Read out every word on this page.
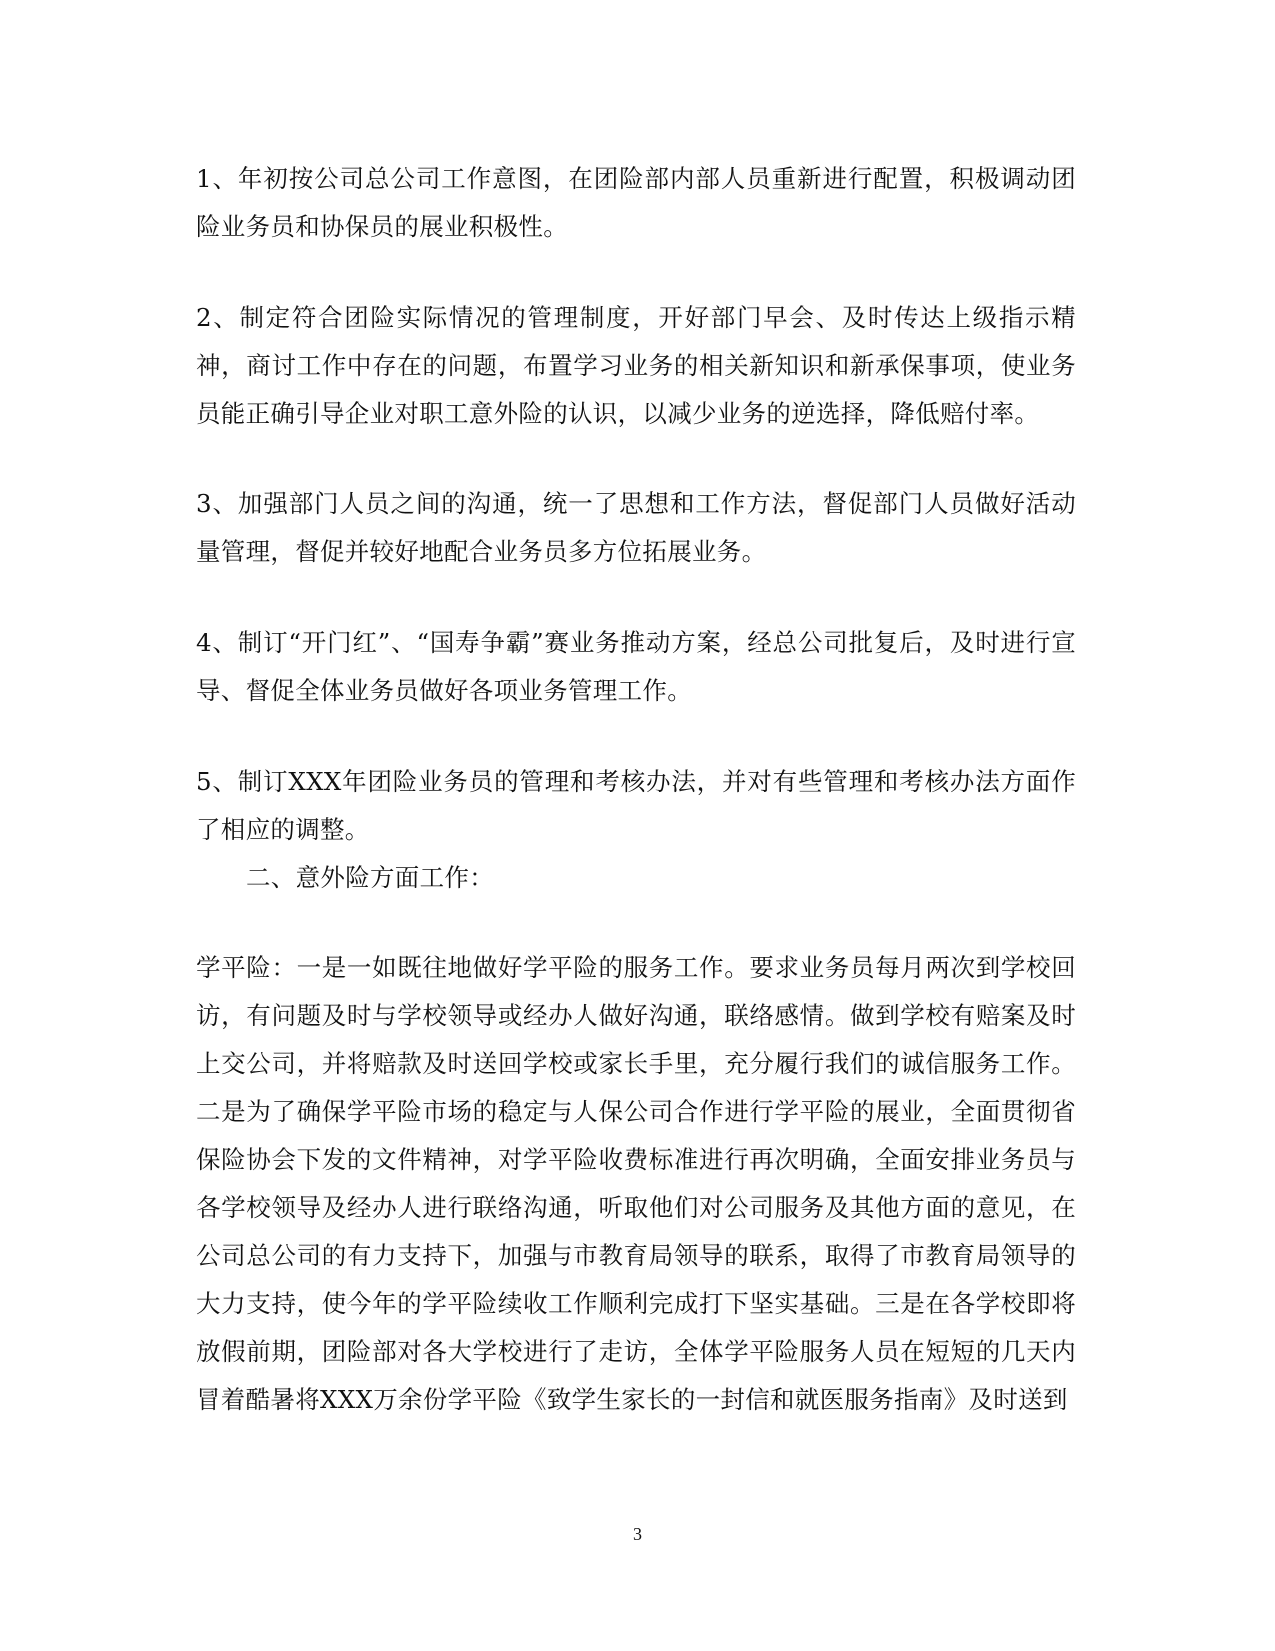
1、年初按公司总公司工作意图，在团险部内部人员重新进行配置，积极调动团险业务员和协保员的展业积极性。

2、制定符合团险实际情况的管理制度，开好部门早会、及时传达上级指示精神，商讨工作中存在的问题，布置学习业务的相关新知识和新承保事项，使业务员能正确引导企业对职工意外险的认识，以减少业务的逆选择，降低赔付率。

3、加强部门人员之间的沟通，统一了思想和工作方法，督促部门人员做好活动量管理，督促并较好地配合业务员多方位拓展业务。

4、制订“开门红”、“国寿争霸”赛业务推动方案，经总公司批复后，及时进行宣导、督促全体业务员做好各项业务管理工作。

5、制订XXX年团险业务员的管理和考核办法，并对有些管理和考核办法方面作了相应的调整。

二、意外险方面工作：

学平险：一是一如既往地做好学平险的服务工作。要求业务员每月两次到学校回访，有问题及时与学校领导或经办人做好沟通，联络感情。做到学校有赔案及时上交公司，并将赔款及时送回学校或家长手里，充分履行我们的诚信服务工作。二是为了确保学平险市场的稳定与人保公司合作进行学平险的展业，全面贯彻省保险协会下发的文件精神，对学平险收费标准进行再次明确，全面安排业务员与各学校领导及经办人进行联络沟通，听取他们对公司服务及其他方面的意见，在公司总公司的有力支持下，加强与市教育局领导的联系，取得了市教育局领导的大力支持，使今年的学平险续收工作顺利完成打下坚实基础。三是在各学校即将放假前期，团险部对各大学校进行了走访，全体学平险服务人员在短短的几天内冒着酷暑将XXX万余份学平险《致学生家长的一封信和就医服务指南》及时送到

3
